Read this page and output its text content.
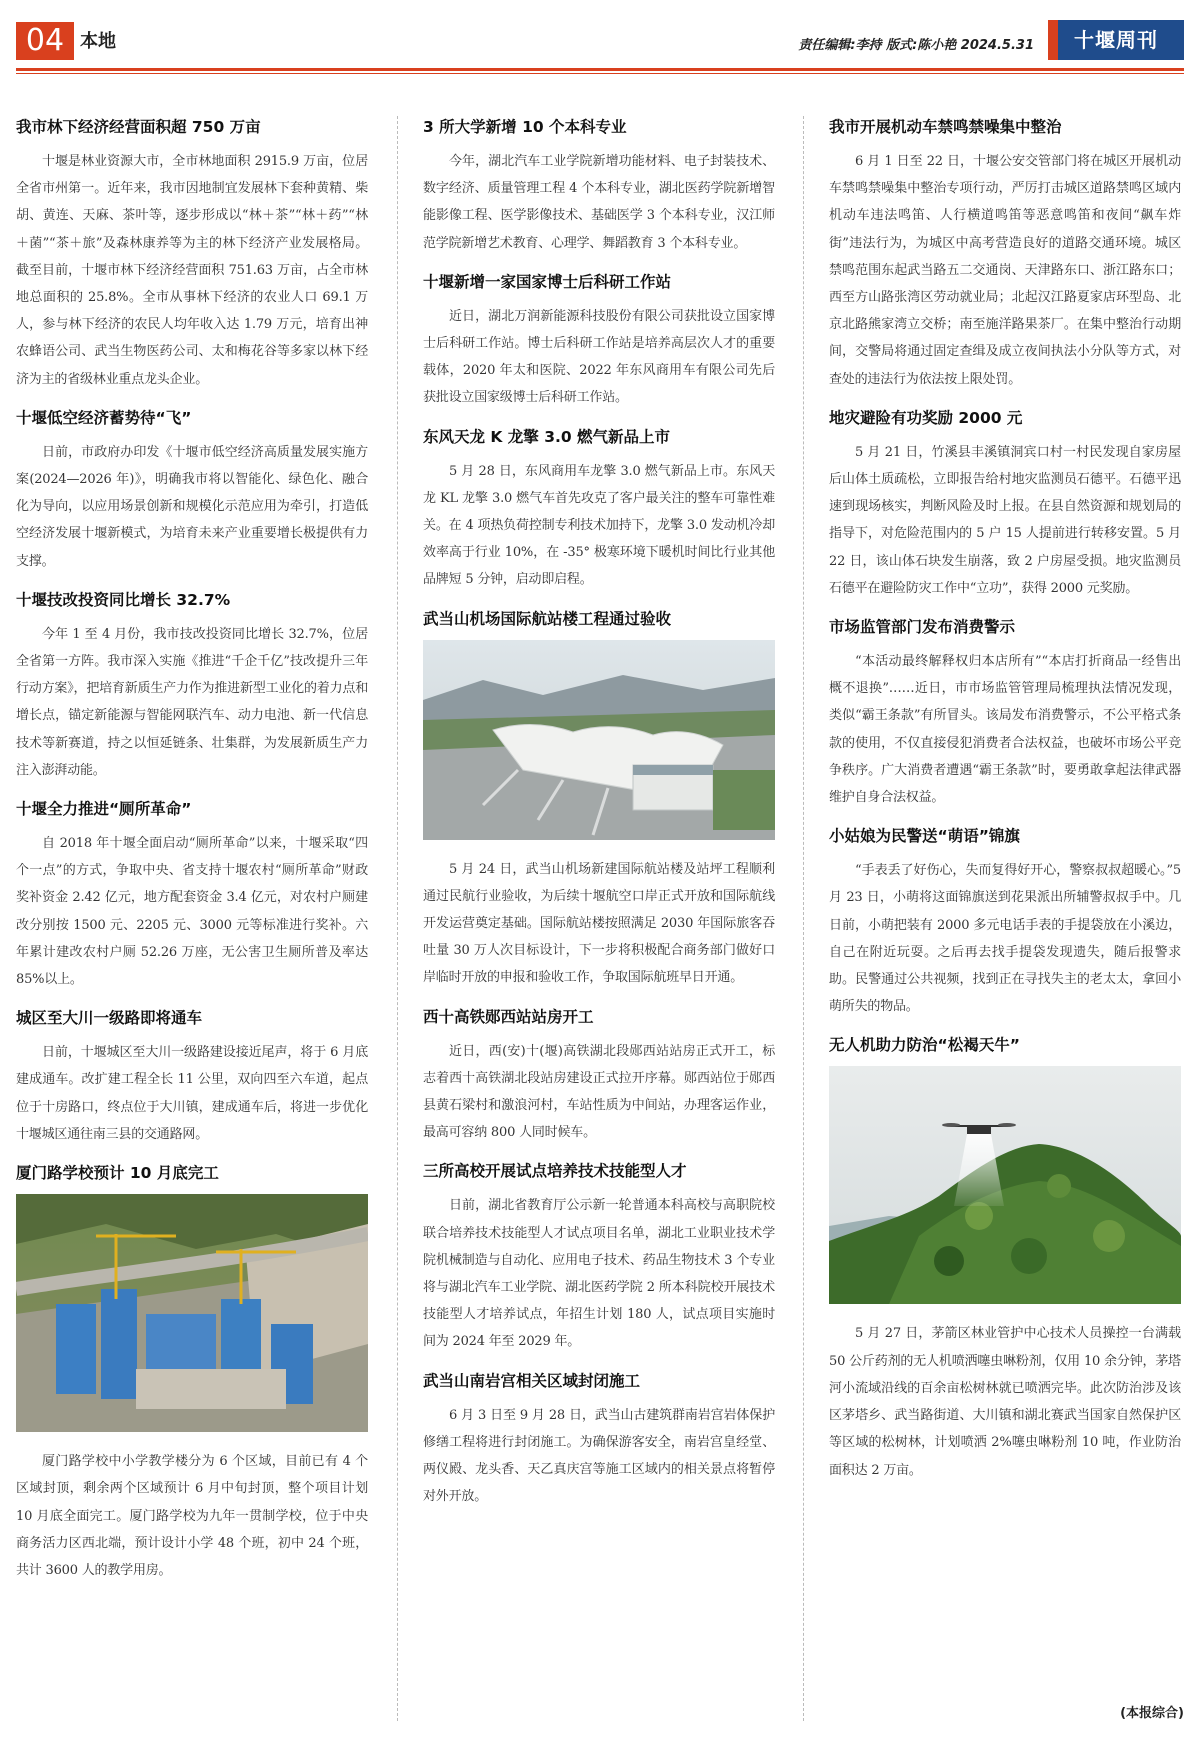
04 本地	责任编辑:李持 版式:陈小艳 2024.5.31	十堰周刊
我市林下经济经营面积超 750 万亩

十堰是林业资源大市，全市林地面积 2915.9 万亩，位居全省市州第一。近年来，我市因地制宜发展林下套种黄精、柴胡、黄连、天麻、茶叶等，逐步形成以“林＋茶”“林＋药”“林＋菌”“茶＋旅”及森林康养等为主的林下经济产业发展格局。截至目前，十堰市林下经济经营面积 751.63 万亩，占全市林地总面积的 25.8%。全市从事林下经济的农业人口 69.1 万人，参与林下经济的农民人均年收入达 1.79 万元，培育出神农蜂语公司、武当生物医药公司、太和梅花谷等多家以林下经济为主的省级林业重点龙头企业。

十堰低空经济蓄势待“飞”

日前，市政府办印发《十堰市低空经济高质量发展实施方案(2024—2026 年)》，明确我市将以智能化、绿色化、融合化为导向，以应用场景创新和规模化示范应用为牵引，打造低空经济发展十堰新模式，为培育未来产业重要增长极提供有力支撑。

十堰技改投资同比增长 32.7%

今年 1 至 4 月份，我市技改投资同比增长 32.7%，位居全省第一方阵。我市深入实施《推进“千企千亿”技改提升三年行动方案》，把培育新质生产力作为推进新型工业化的着力点和增长点，锚定新能源与智能网联汽车、动力电池、新一代信息技术等新赛道，持之以恒延链条、壮集群，为发展新质生产力注入澎湃动能。

十堰全力推进“厕所革命”

自 2018 年十堰全面启动“厕所革命”以来，十堰采取“四个一点”的方式，争取中央、省支持十堰农村“厕所革命”财政奖补资金 2.42 亿元，地方配套资金 3.4 亿元，对农村户厕建改分别按 1500 元、2205 元、3000 元等标准进行奖补。六年累计建改农村户厕 52.26 万座，无公害卫生厕所普及率达 85%以上。

城区至大川一级路即将通车

日前，十堰城区至大川一级路建设接近尾声，将于 6 月底建成通车。改扩建工程全长 11 公里，双向四至六车道，起点位于十房路口，终点位于大川镇，建成通车后，将进一步优化十堰城区通往南三县的交通路网。

厦门路学校预计 10 月底完工

厦门路学校中小学教学楼分为 6 个区域，目前已有 4 个区域封顶，剩余两个区域预计 6 月中旬封顶，整个项目计划 10 月底全面完工。厦门路学校为九年一贯制学校，位于中央商务活力区西北端，预计设计小学 48 个班，初中 24 个班，共计 3600 人的教学用房。

3 所大学新增 10 个本科专业

今年，湖北汽车工业学院新增功能材料、电子封装技术、数字经济、质量管理工程 4 个本科专业，湖北医药学院新增智能影像工程、医学影像技术、基础医学 3 个本科专业，汉江师范学院新增艺术教育、心理学、舞蹈教育 3 个本科专业。

十堰新增一家国家博士后科研工作站

近日，湖北万润新能源科技股份有限公司获批设立国家博士后科研工作站。博士后科研工作站是培养高层次人才的重要载体，2020 年太和医院、2022 年东风商用车有限公司先后获批设立国家级博士后科研工作站。

东风天龙 K 龙擎 3.0 燃气新品上市

5 月 28 日，东风商用车龙擎 3.0 燃气新品上市。东风天龙 KL 龙擎 3.0 燃气车首先攻克了客户最关注的整车可靠性难关。在 4 项热负荷控制专利技术加持下，龙擎 3.0 发动机冷却效率高于行业 10%，在 -35° 极寒环境下暖机时间比行业其他品牌短 5 分钟，启动即启程。

武当山机场国际航站楼工程通过验收

5 月 24 日，武当山机场新建国际航站楼及站坪工程顺利通过民航行业验收，为后续十堰航空口岸正式开放和国际航线开发运营奠定基础。国际航站楼按照满足 2030 年国际旅客吞吐量 30 万人次目标设计，下一步将积极配合商务部门做好口岸临时开放的申报和验收工作，争取国际航班早日开通。

西十高铁郧西站站房开工

近日，西(安)十(堰)高铁湖北段郧西站站房正式开工，标志着西十高铁湖北段站房建设正式拉开序幕。郧西站位于郧西县黄石梁村和激浪河村，车站性质为中间站，办理客运作业，最高可容纳 800 人同时候车。

三所高校开展试点培养技术技能型人才

日前，湖北省教育厅公示新一轮普通本科高校与高职院校联合培养技术技能型人才试点项目名单，湖北工业职业技术学院机械制造与自动化、应用电子技术、药品生物技术 3 个专业将与湖北汽车工业学院、湖北医药学院 2 所本科院校开展技术技能型人才培养试点，年招生计划 180 人，试点项目实施时间为 2024 年至 2029 年。

武当山南岩宫相关区域封闭施工

6 月 3 日至 9 月 28 日，武当山古建筑群南岩宫岩体保护修缮工程将进行封闭施工。为确保游客安全，南岩宫皇经堂、两仪殿、龙头香、天乙真庆宫等施工区域内的相关景点将暂停对外开放。

我市开展机动车禁鸣禁噪集中整治

6 月 1 日至 22 日，十堰公安交管部门将在城区开展机动车禁鸣禁噪集中整治专项行动，严厉打击城区道路禁鸣区域内机动车违法鸣笛、人行横道鸣笛等恶意鸣笛和夜间“飙车炸街”违法行为，为城区中高考营造良好的道路交通环境。城区禁鸣范围东起武当路五二交通岗、天津路东口、浙江路东口；西至方山路张湾区劳动就业局；北起汉江路夏家店环型岛、北京北路熊家湾立交桥；南至施洋路果茶厂。在集中整治行动期间，交警局将通过固定查缉及成立夜间执法小分队等方式，对查处的违法行为依法按上限处罚。

地灾避险有功奖励 2000 元

5 月 21 日，竹溪县丰溪镇洞宾口村一村民发现自家房屋后山体土质疏松，立即报告给村地灾监测员石德平。石德平迅速到现场核实，判断风险及时上报。在县自然资源和规划局的指导下，对危险范围内的 5 户 15 人提前进行转移安置。5 月 22 日，该山体石块发生崩落，致 2 户房屋受损。地灾监测员石德平在避险防灾工作中“立功”，获得 2000 元奖励。

市场监管部门发布消费警示

“本活动最终解释权归本店所有”“本店打折商品一经售出概不退换”……近日，市市场监管管理局梳理执法情况发现，类似“霸王条款”有所冒头。该局发布消费警示，不公平格式条款的使用，不仅直接侵犯消费者合法权益，也破坏市场公平竞争秩序。广大消费者遭遇“霸王条款”时，要勇敢拿起法律武器维护自身合法权益。

小姑娘为民警送“萌语”锦旗

“手表丢了好伤心，失而复得好开心，警察叔叔超暖心。”5 月 23 日，小萌将这面锦旗送到花果派出所辅警叔叔手中。几日前，小萌把装有 2000 多元电话手表的手提袋放在小溪边，自己在附近玩耍。之后再去找手提袋发现遗失，随后报警求助。民警通过公共视频，找到正在寻找失主的老太太，拿回小萌所失的物品。

无人机助力防治“松褐天牛”

5 月 27 日，茅箭区林业管护中心技术人员操控一台满载 50 公斤药剂的无人机喷洒噻虫啉粉剂，仅用 10 余分钟，茅塔河小流域沿线的百余亩松树林就已喷洒完毕。此次防治涉及该区茅塔乡、武当路街道、大川镇和湖北赛武当国家自然保护区等区域的松树林，计划喷洒 2%噻虫啉粉剂 10 吨，作业防治面积达 2 万亩。

(本报综合)
